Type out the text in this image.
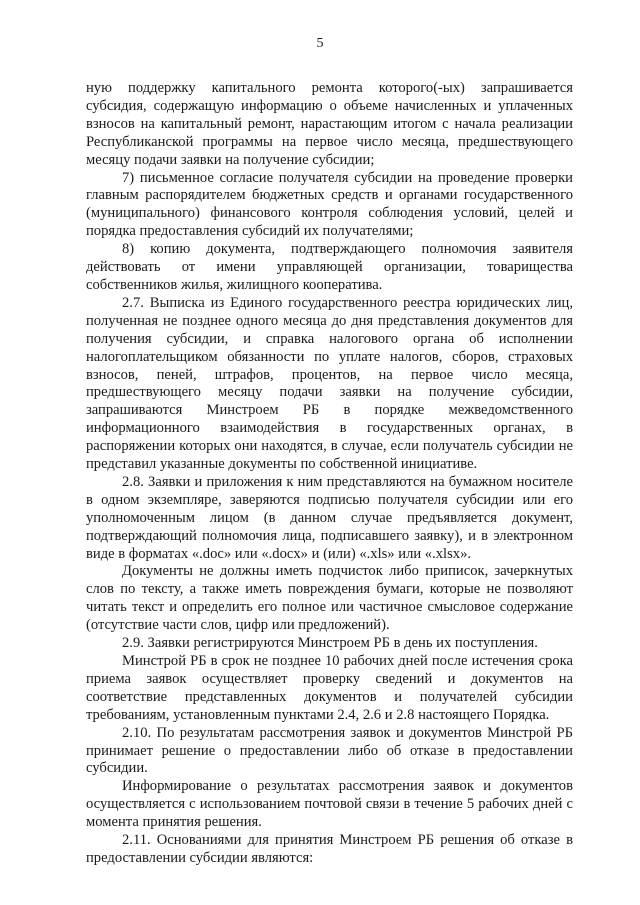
5

ную поддержку капитального ремонта которого(-ых) запрашивается субсидия, содержащую информацию о объеме начисленных и уплаченных взносов на капитальный ремонт, нарастающим итогом с начала реализации Республиканской программы на первое число месяца, предшествующего месяцу подачи заявки на получение субсидии;

7) письменное согласие получателя субсидии на проведение проверки главным распорядителем бюджетных средств и органами государственного (муниципального) финансового контроля соблюдения условий, целей и порядка предоставления субсидий их получателями;

8) копию документа, подтверждающего полномочия заявителя действовать от имени управляющей организации, товарищества собственников жилья, жилищного кооператива.

2.7. Выписка из Единого государственного реестра юридических лиц, полученная не позднее одного месяца до дня представления документов для получения субсидии, и справка налогового органа об исполнении налогоплательщиком обязанности по уплате налогов, сборов, страховых взносов, пеней, штрафов, процентов, на первое число месяца, предшествующего месяцу подачи заявки на получение субсидии, запрашиваются Минстроем РБ в порядке межведомственного информационного взаимодействия в государственных органах, в распоряжении которых они находятся, в случае, если получатель субсидии не представил указанные документы по собственной инициативе.

2.8. Заявки и приложения к ним представляются на бумажном носителе в одном экземпляре, заверяются подписью получателя субсидии или его уполномоченным лицом (в данном случае предъявляется документ, подтверждающий полномочия лица, подписавшего заявку), и в электронном виде в форматах «.doc» или «.docx» и (или) «.xls» или «.xlsx».

Документы не должны иметь подчисток либо приписок, зачеркнутых слов по тексту, а также иметь повреждения бумаги, которые не позволяют читать текст и определить его полное или частичное смысловое содержание (отсутствие части слов, цифр или предложений).

2.9. Заявки регистрируются Минстроем РБ в день их поступления.

Минстрой РБ в срок не позднее 10 рабочих дней после истечения срока приема заявок осуществляет проверку сведений и документов на соответствие представленных документов и получателей субсидии требованиям, установленным пунктами 2.4, 2.6 и 2.8 настоящего Порядка.

2.10. По результатам рассмотрения заявок и документов Минстрой РБ принимает решение о предоставлении либо об отказе в предоставлении субсидии.

Информирование о результатах рассмотрения заявок и документов осуществляется с использованием почтовой связи в течение 5 рабочих дней с момента принятия решения.

2.11. Основаниями для принятия Минстроем РБ решения об отказе в предоставлении субсидии являются:
